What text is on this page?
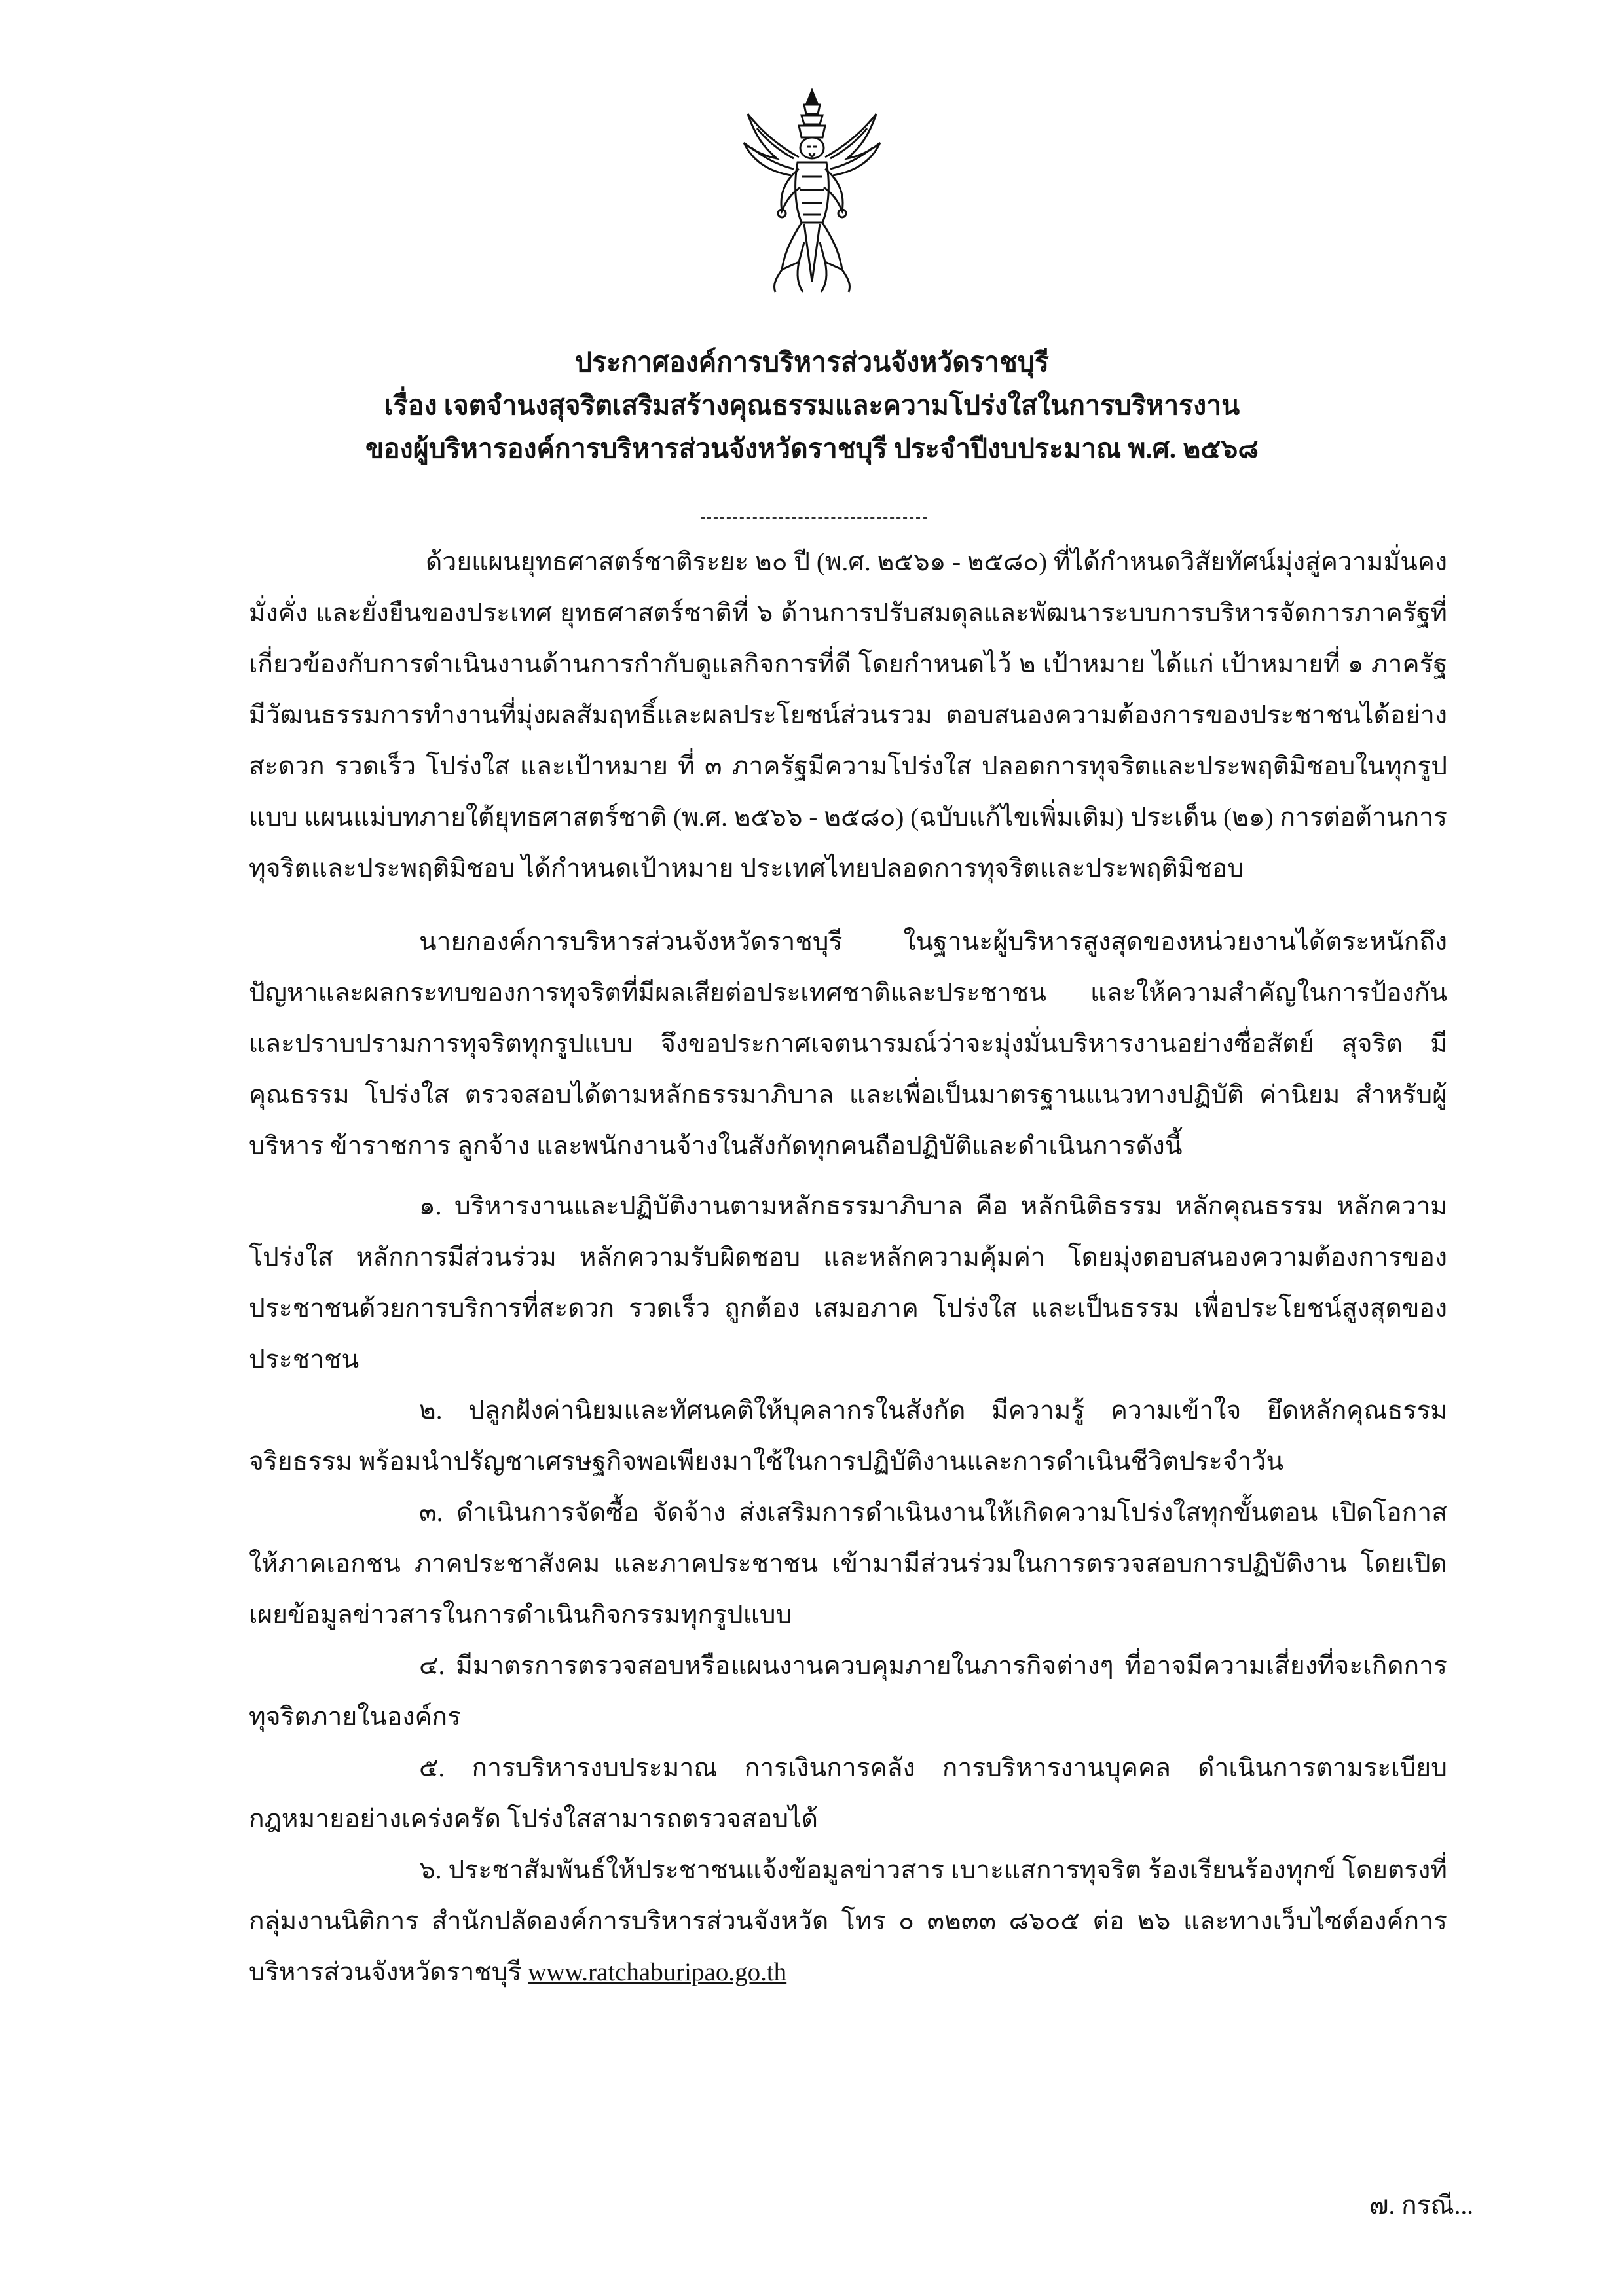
ประกาศองค์การบริหารส่วนจังหวัดราชบุรี
เรื่อง เจตจำนงสุจริตเสริมสร้างคุณธรรมและความโปร่งใสในการบริหารงาน
ของผู้บริหารองค์การบริหารส่วนจังหวัดราชบุรี ประจำปีงบประมาณ พ.ศ. ๒๕๖๘

ด้วยแผนยุทธศาสตร์ชาติระยะ ๒๐ ปี (พ.ศ. ๒๕๖๑ - ๒๕๘๐) ที่ได้กำหนดวิสัยทัศน์มุ่งสู่ความมั่นคง มั่งคั่ง และยั่งยืนของประเทศ ยุทธศาสตร์ชาติที่ ๖ ด้านการปรับสมดุลและพัฒนาระบบการบริหารจัดการภาครัฐที่เกี่ยวข้องกับการดำเนินงานด้านการกำกับดูแลกิจการที่ดี โดยกำหนดไว้ ๒ เป้าหมาย ได้แก่ เป้าหมายที่ ๑ ภาครัฐมีวัฒนธรรมการทำงานที่มุ่งผลสัมฤทธิ์และผลประโยชน์ส่วนรวม ตอบสนองความต้องการของประชาชนได้อย่างสะดวก รวดเร็ว โปร่งใส และเป้าหมาย ที่ ๓ ภาครัฐมีความโปร่งใส ปลอดการทุจริตและประพฤติมิชอบในทุกรูปแบบ แผนแม่บทภายใต้ยุทธศาสตร์ชาติ (พ.ศ. ๒๕๖๖ - ๒๕๘๐) (ฉบับแก้ไขเพิ่มเติม) ประเด็น (๒๑) การต่อต้านการทุจริตและประพฤติมิชอบ ได้กำหนดเป้าหมาย ประเทศไทยปลอดการทุจริตและประพฤติมิชอบ

นายกองค์การบริหารส่วนจังหวัดราชบุรี ในฐานะผู้บริหารสูงสุดของหน่วยงานได้ตระหนักถึงปัญหาและผลกระทบของการทุจริตที่มีผลเสียต่อประเทศชาติและประชาชน และให้ความสำคัญในการป้องกันและปราบปรามการทุจริตทุกรูปแบบ จึงขอประกาศเจตนารมณ์ว่าจะมุ่งมั่นบริหารงานอย่างซื่อสัตย์ สุจริต มีคุณธรรม โปร่งใส ตรวจสอบได้ตามหลักธรรมาภิบาล และเพื่อเป็นมาตรฐานแนวทางปฏิบัติ ค่านิยม สำหรับผู้บริหาร ข้าราชการ ลูกจ้าง และพนักงานจ้างในสังกัดทุกคนถือปฏิบัติและดำเนินการดังนี้

๑. บริหารงานและปฏิบัติงานตามหลักธรรมาภิบาล คือ หลักนิติธรรม หลักคุณธรรม หลักความโปร่งใส หลักการมีส่วนร่วม หลักความรับผิดชอบ และหลักความคุ้มค่า โดยมุ่งตอบสนองความต้องการของประชาชนด้วยการบริการที่สะดวก รวดเร็ว ถูกต้อง เสมอภาค โปร่งใส และเป็นธรรม เพื่อประโยชน์สูงสุดของประชาชน

๒. ปลูกฝังค่านิยมและทัศนคติให้บุคลากรในสังกัด มีความรู้ ความเข้าใจ ยึดหลักคุณธรรม จริยธรรม พร้อมนำปรัญชาเศรษฐกิจพอเพียงมาใช้ในการปฏิบัติงานและการดำเนินชีวิตประจำวัน

๓. ดำเนินการจัดซื้อ จัดจ้าง ส่งเสริมการดำเนินงานให้เกิดความโปร่งใสทุกขั้นตอน เปิดโอกาสให้ภาคเอกชน ภาคประชาสังคม และภาคประชาชน เข้ามามีส่วนร่วมในการตรวจสอบการปฏิบัติงาน โดยเปิดเผยข้อมูลข่าวสารในการดำเนินกิจกรรมทุกรูปแบบ

๔. มีมาตรการตรวจสอบหรือแผนงานควบคุมภายในภารกิจต่างๆ ที่อาจมีความเสี่ยงที่จะเกิดการทุจริตภายในองค์กร

๕. การบริหารงบประมาณ การเงินการคลัง การบริหารงานบุคคล ดำเนินการตามระเบียบกฎหมายอย่างเคร่งครัด โปร่งใสสามารถตรวจสอบได้

๖. ประชาสัมพันธ์ให้ประชาชนแจ้งข้อมูลข่าวสาร เบาะแสการทุจริต ร้องเรียนร้องทุกข์ โดยตรงที่กลุ่มงานนิติการ สำนักปลัดองค์การบริหารส่วนจังหวัด โทร ๐ ๓๒๓๓ ๘๖๐๕ ต่อ ๒๖ และทางเว็บไซต์องค์การบริหารส่วนจังหวัดราชบุรี www.ratchaburipao.go.th

๗. กรณี...
